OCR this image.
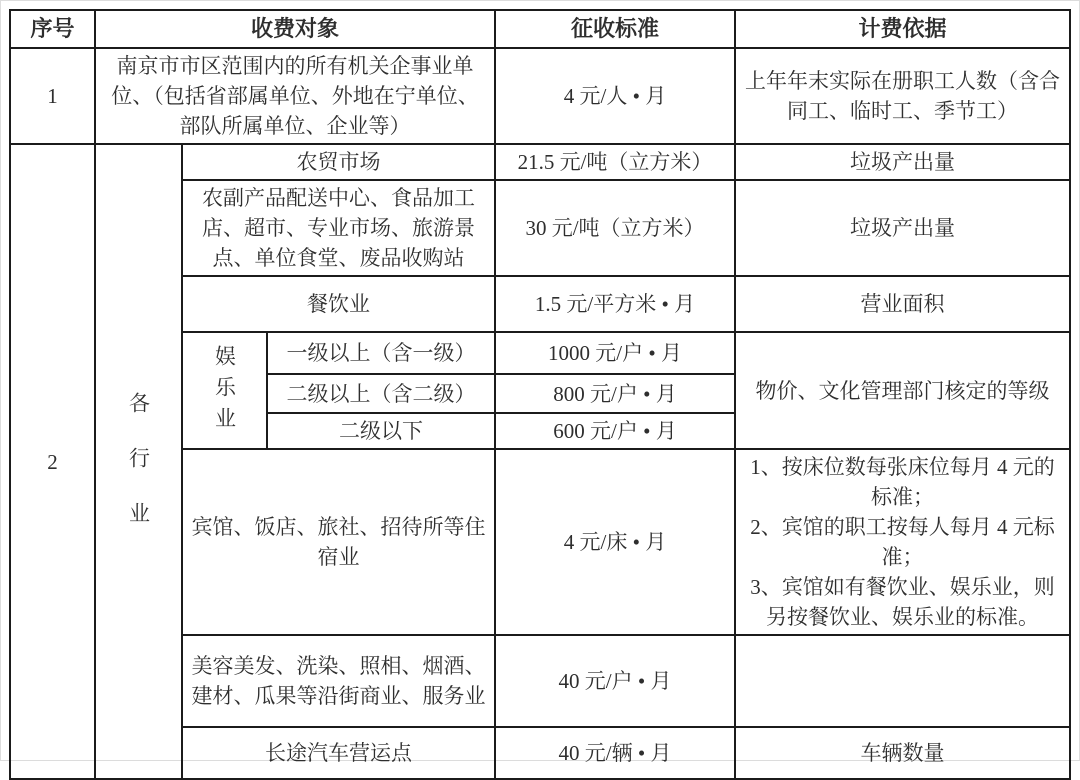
序号	收费对象			征收标准	计费依据
1	南京市市区范围内的所有机关企事业单位、（包括省部属单位、外地在宁单位、部队所属单位、企业等）			4 元/人 • 月	上年年末实际在册职工人数（含合同工、临时工、季节工）
2	各行业	农贸市场		21.5 元/吨（立方米）	垃圾产出量
		农副产品配送中心、食品加工店、超市、专业市场、旅游景点、单位食堂、废品收购站		30 元/吨（立方米）	垃圾产出量
		餐饮业		1.5 元/平方米 • 月	营业面积
		娱乐业	一级以上（含一级）	1000 元/户 • 月	物价、文化管理部门核定的等级
			二级以上（含二级）	800 元/户 • 月	
			二级以下	600 元/户 • 月	
		宾馆、饭店、旅社、招待所等住宿业		4 元/床 • 月	1、按床位数每张床位每月 4 元的标准；
2、宾馆的职工按每人每月 4 元标准；
3、宾馆如有餐饮业、娱乐业，则另按餐饮业、娱乐业的标准。

		美容美发、洗染、照相、烟酒、建材、瓜果等沿街商业、服务业		40 元/户 • 月	
		长途汽车营运点		40 元/辆 • 月	车辆数量
